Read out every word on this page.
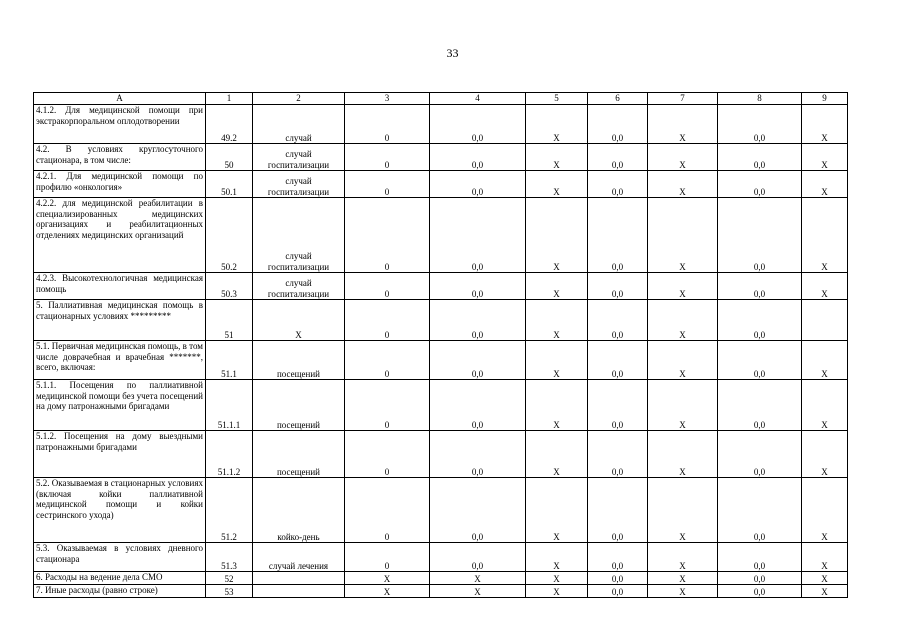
33
А	1	2	3	4	5	6	7	8	9
4.1.2. Для медицинской помощи при экстракорпоральном оплодотворении	49.2	случай	0	0,0	Х	0,0	Х	0,0	Х
4.2. В условиях круглосуточного стационара, в том числе:	50	случай госпитализации	0	0,0	Х	0,0	Х	0,0	Х
4.2.1. Для медицинской помощи по профилю «онкология»	50.1	случай госпитализации	0	0,0	Х	0,0	Х	0,0	Х
4.2.2. для медицинской реабилитации в специализированных медицинских организациях и реабилитационных отделениях медицинских организаций	50.2	случай госпитализации	0	0,0	Х	0,0	Х	0,0	Х
4.2.3. Высокотехнологичная медицинская помощь	50.3	случай госпитализации	0	0,0	Х	0,0	Х	0,0	Х
5. Паллиативная медицинская помощь в стационарных условиях *********	51	Х	0	0,0	Х	0,0	Х	0,0	
5.1. Первичная медицинская помощь, в том числе доврачебная и врачебная *******, всего, включая:	51.1	посещений	0	0,0	Х	0,0	Х	0,0	Х
5.1.1. Посещения по паллиативной медицинской помощи без учета посещений на дому патронажными бригадами	51.1.1	посещений	0	0,0	Х	0,0	Х	0,0	Х
5.1.2. Посещения на дому выездными патронажными бригадами	51.1.2	посещений	0	0,0	Х	0,0	Х	0,0	Х
5.2. Оказываемая в стационарных условиях (включая койки паллиативной медицинской помощи и койки сестринского ухода)	51.2	койко-день	0	0,0	Х	0,0	Х	0,0	Х
5.3. Оказываемая в условиях дневного стационара	51.3	случай лечения	0	0,0	Х	0,0	Х	0,0	Х
6. Расходы на ведение дела СМО	52		Х	Х	Х	0,0	Х	0,0	Х
7. Иные расходы (равно строке)	53		Х	Х	Х	0,0	Х	0,0	Х
